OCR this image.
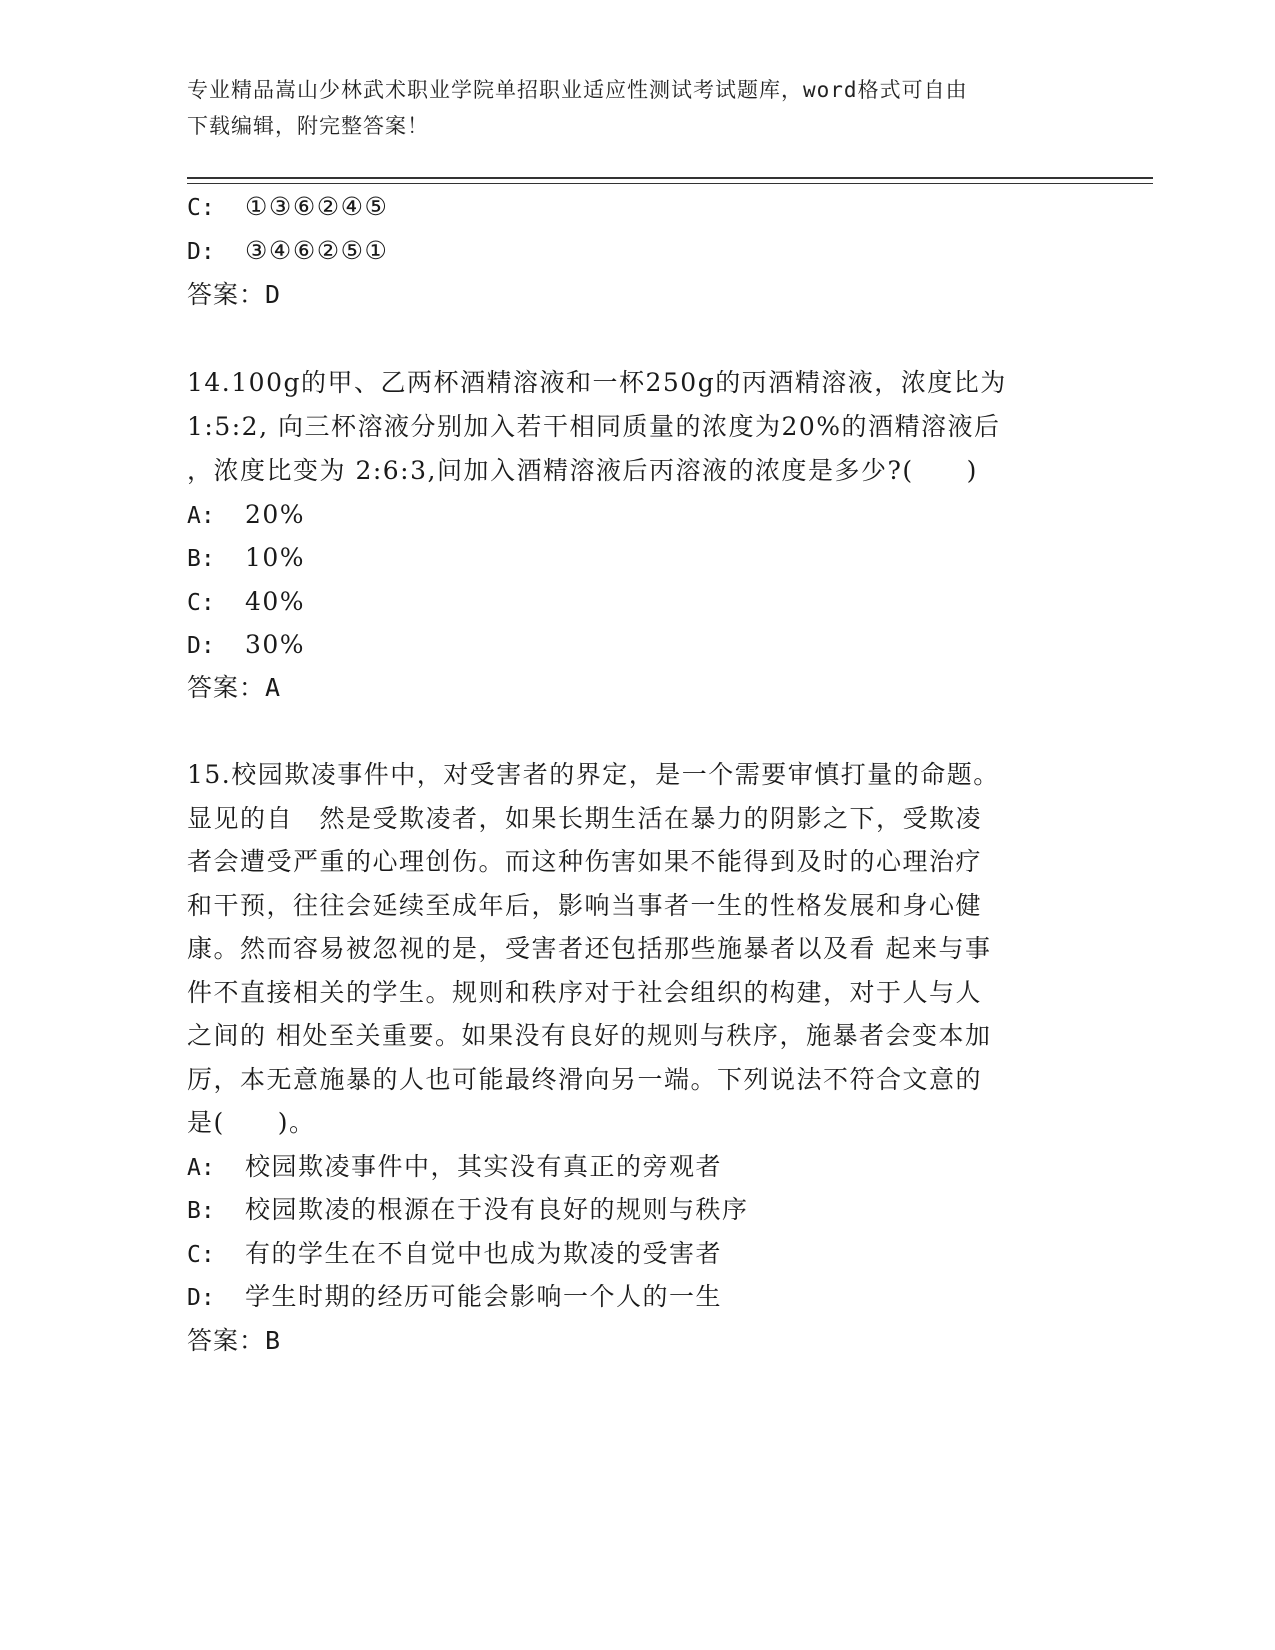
专业精品嵩山少林武术职业学院单招职业适应性测试考试题库，word格式可自由
下载编辑，附完整答案！
C: ①③⑥②④⑤
D: ③④⑥②⑤①
答案：D
14.100g的甲、乙两杯酒精溶液和一杯250g的丙酒精溶液，浓度比为
1:5:2, 向三杯溶液分别加入若干相同质量的浓度为20%的酒精溶液后
，浓度比变为 2:6:3,问加入酒精溶液后丙溶液的浓度是多少?(　　)
A: 20%
B: 10%
C: 40%
D: 30%
答案：A
15.校园欺凌事件中，对受害者的界定，是一个需要审慎打量的命题。
显见的自　然是受欺凌者，如果长期生活在暴力的阴影之下，受欺凌
者会遭受严重的心理创伤。而这种伤害如果不能得到及时的心理治疗
和干预，往往会延续至成年后，影响当事者一生的性格发展和身心健
康。然而容易被忽视的是，受害者还包括那些施暴者以及看 起来与事
件不直接相关的学生。规则和秩序对于社会组织的构建，对于人与人
之间的 相处至关重要。如果没有良好的规则与秩序，施暴者会变本加
厉，本无意施暴的人也可能最终滑向另一端。下列说法不符合文意的
是(　　)。
A: 校园欺凌事件中，其实没有真正的旁观者
B: 校园欺凌的根源在于没有良好的规则与秩序
C: 有的学生在不自觉中也成为欺凌的受害者
D: 学生时期的经历可能会影响一个人的一生
答案：B
